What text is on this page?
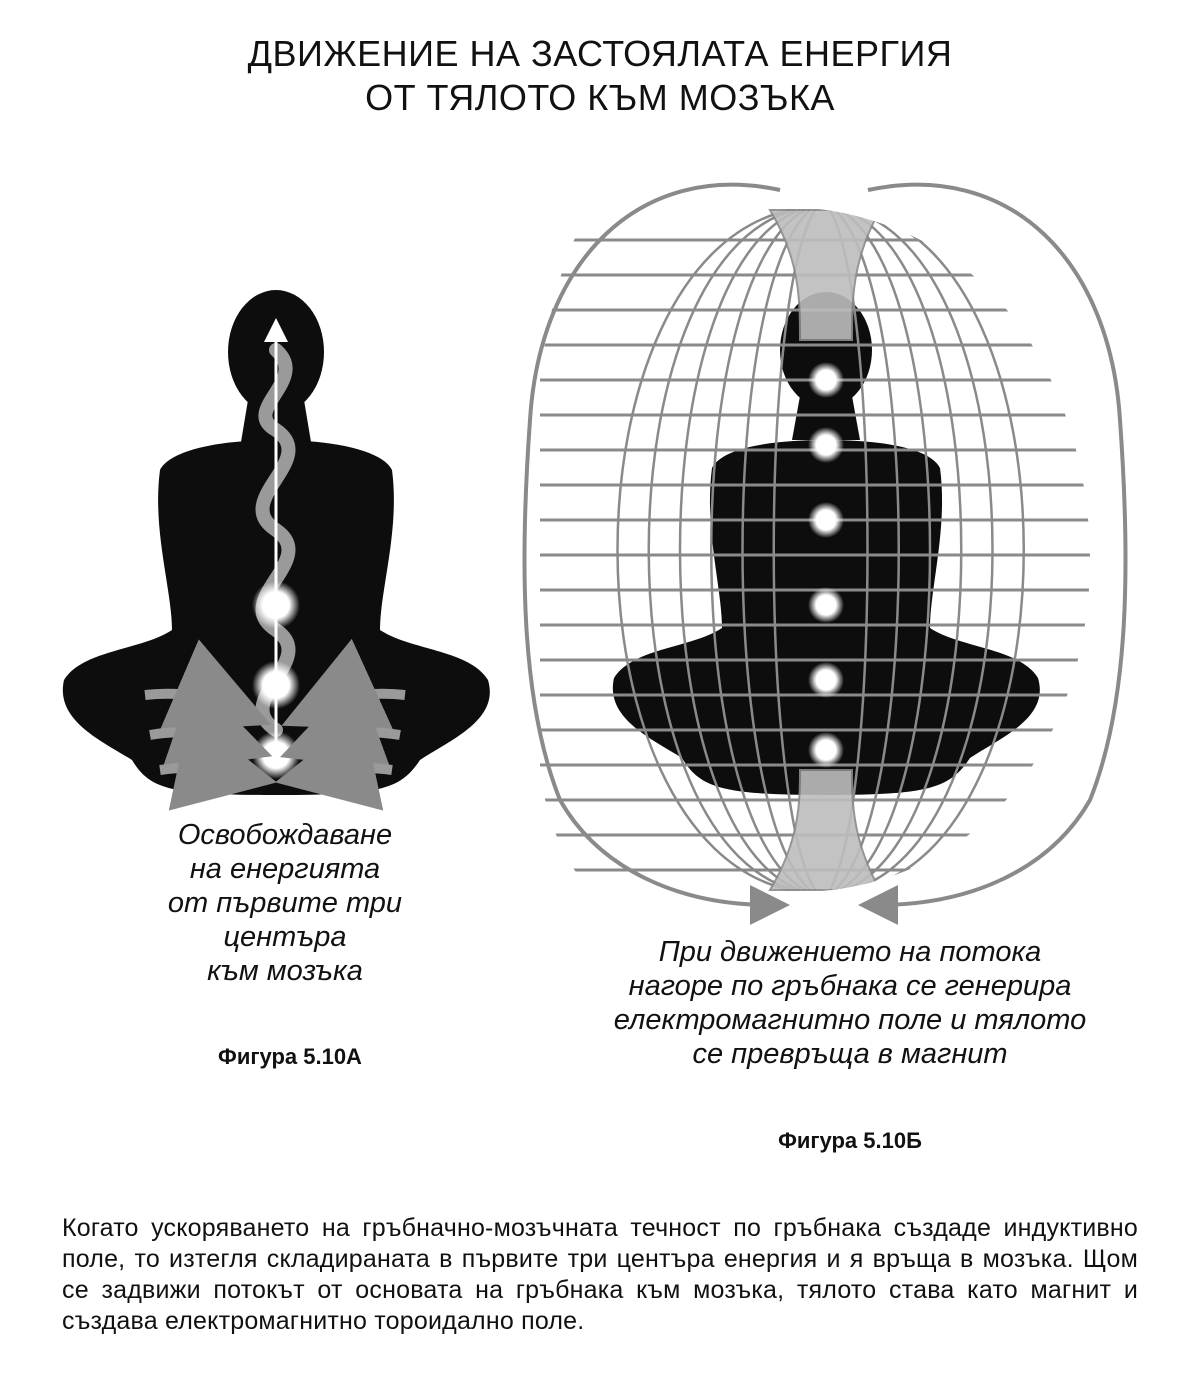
ДВИЖЕНИЕ НА ЗАСТОЯЛАТА ЕНЕРГИЯ
ОТ ТЯЛОТО КЪМ МОЗЪКА
Освобождаване
на енергията
от първите три
центъра
към мозъка
Фигура 5.10А
При движението на потока
нагоре по гръбнака се генерира
електромагнитно поле и тялото
се превръща в магнит
Фигура 5.10Б
Когато ускоряването на гръбначно-мозъчната течност по гръбнака създаде индуктивно поле, то изтегля складираната в първите три центъра енергия и я връща в мозъка. Щом се задвижи потокът от основата на гръбнака към мозъка, тялото става като магнит и създава електромагнитно тороидално поле.
